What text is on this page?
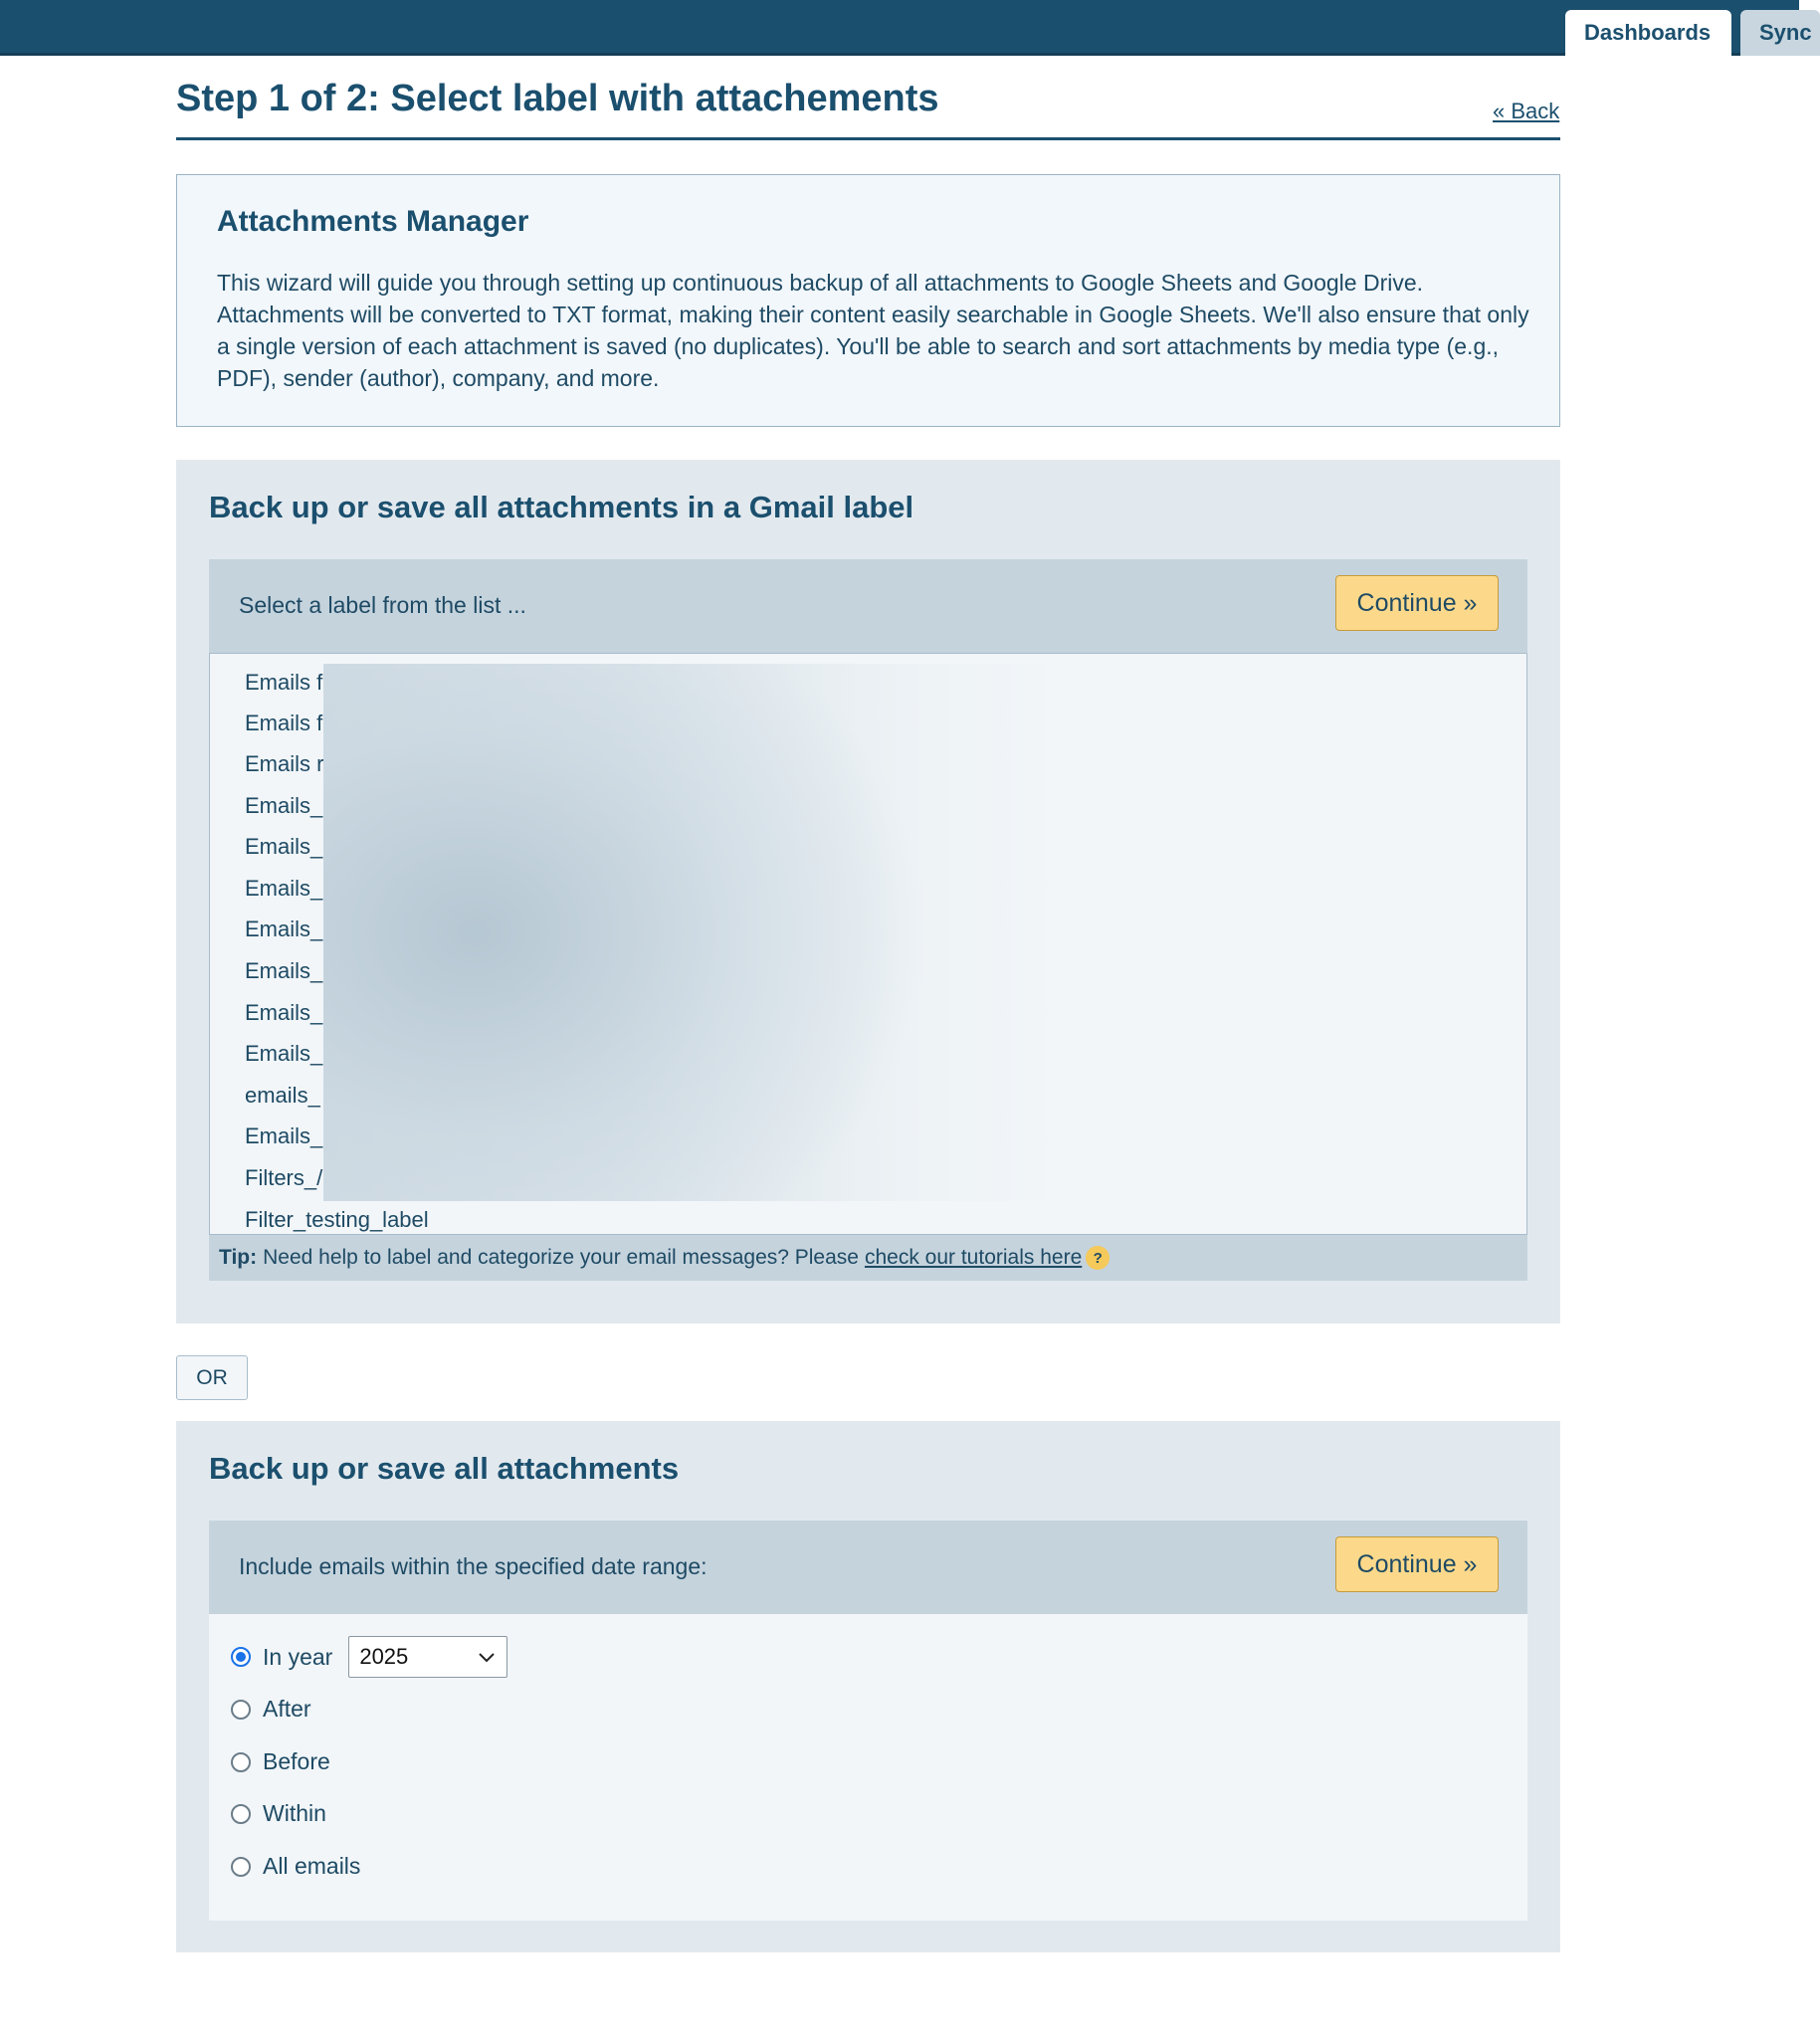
Dashboards	Sync
Step 1 of 2: Select label with attachements	« Back
Attachments Manager

This wizard will guide you through setting up continuous backup of all attachments to Google Sheets and Google Drive. Attachments will be converted to TXT format, making their content easily searchable in Google Sheets. We'll also ensure that only a single version of each attachment is saved (no duplicates). You'll be able to search and sort attachments by media type (e.g., PDF), sender (author), company, and more.

Back up or save all attachments in a Gmail label
Select a label from the list ...	Continue »
Emails f
Emails f
Emails r
Emails_
Emails_
Emails_
Emails_
Emails_
Emails_
Emails_
emails_
Emails_
Filters_/
Filter_testing_label
Tip: Need help to label and categorize your email messages? Please check our tutorials here ?
OR
Back up or save all attachments
Include emails within the specified date range:	Continue »
In year 2025
After
Before
Within
All emails
